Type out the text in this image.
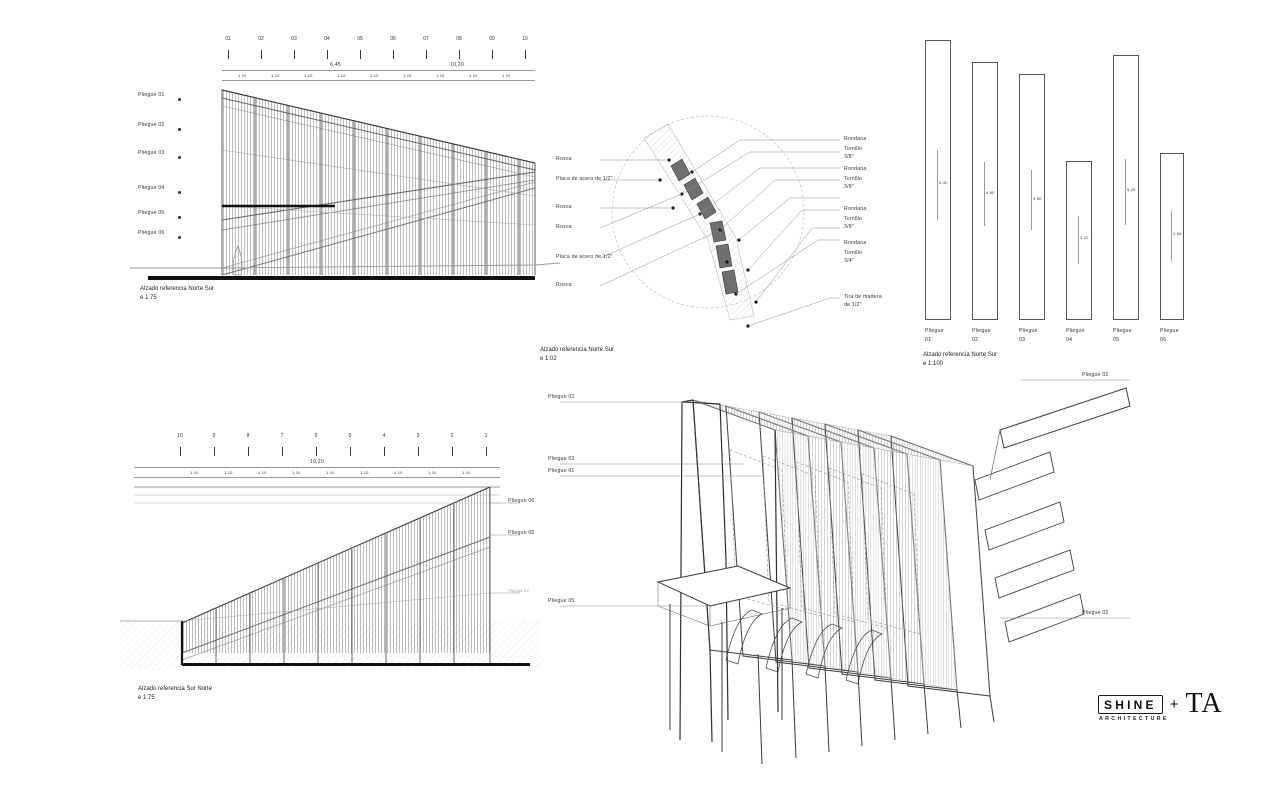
01	02	03	04	05	06	07	08	09	10
6,45	10,20
1,10	1,10	1,10	1,10	1,10	1,10	1,10	1,10	1,10
Pliegue 01
Pliegue 02
Pliegue 03
Pliegue 04
Pliegue 05
Pliegue 06
Alzado referencia Norte Sur
e 1:75
Rosca
Placa de acero de 1/2"
Rosca
Rosca
Placa de acero de 1/2"
Rosca
Rondana
Tornillo
3/8"
Rondana
Tornillo
3/8"
Rondana
Tornillo
3/8"
Rondana
Tornillo
3/4"
Tira de madera
de 1/2"
Alzado referencia Norte Sur
e 1:02
5,40
Pliegue
01
4,80
Pliegue
02
4,60
Pliegue
03
3,10
Pliegue
04
5,20
Pliegue
05
2,60
Pliegue
06
Alzado referencia Norte Sur
e 1:100
10	9	8	7	6	5	4	3	2	1
10,20
1,10	1,10	1,10	1,10	1,10	1,10	1,10	1,10	1,10
Pliegue 06
Pliegue 05
Pliegue 04
Alzado referencia Sur Norte
e 1:75
Pliegue 02
Pliegue 03
Pliegue 01
Pliegue 05
Pliegue 02
Pliegue 02
SHINE
ARCHITECTURE
+ TA
